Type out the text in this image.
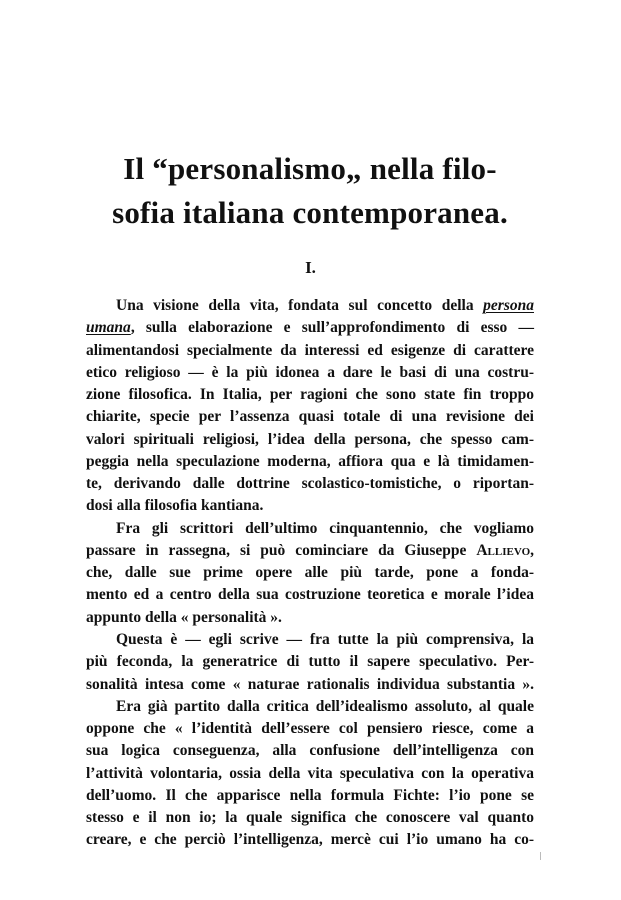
Il “personalismo„ nella filo-
sofia italiana contemporanea.
I.

Una visione della vita, fondata sul concetto della persona

umana, sulla elaborazione e sull’approfondimento di esso —

alimentandosi specialmente da interessi ed esigenze di carattere

etico religioso — è la più idonea a dare le basi di una costru-

zione filosofica. In Italia, per ragioni che sono state fin troppo

chiarite, specie per l’assenza quasi totale di una revisione dei

valori spirituali religiosi, l’idea della persona, che spesso cam-

peggia nella speculazione moderna, affiora qua e là timidamen-

te, derivando dalle dottrine scolastico-tomistiche, o riportan-

dosi alla filosofia kantiana.

Fra gli scrittori dell’ultimo cinquantennio, che vogliamo

passare in rassegna, si può cominciare da Giuseppe Allievo,

che, dalle sue prime opere alle più tarde, pone a fonda-

mento ed a centro della sua costruzione teoretica e morale l’idea

appunto della « personalità ».

Questa è — egli scrive — fra tutte la più comprensiva, la

più feconda, la generatrice di tutto il sapere speculativo. Per-

sonalità intesa come « naturae rationalis individua substantia ».

Era già partito dalla critica dell’idealismo assoluto, al quale

oppone che « l’identità dell’essere col pensiero riesce, come a

sua logica conseguenza, alla confusione dell’intelligenza con

l’attività volontaria, ossia della vita speculativa con la operativa

dell’uomo. Il che apparisce nella formula Fichte: l’io pone se

stesso e il non io; la quale significa che conoscere val quanto

creare, e che perciò l’intelligenza, mercè cui l’io umano ha co-
